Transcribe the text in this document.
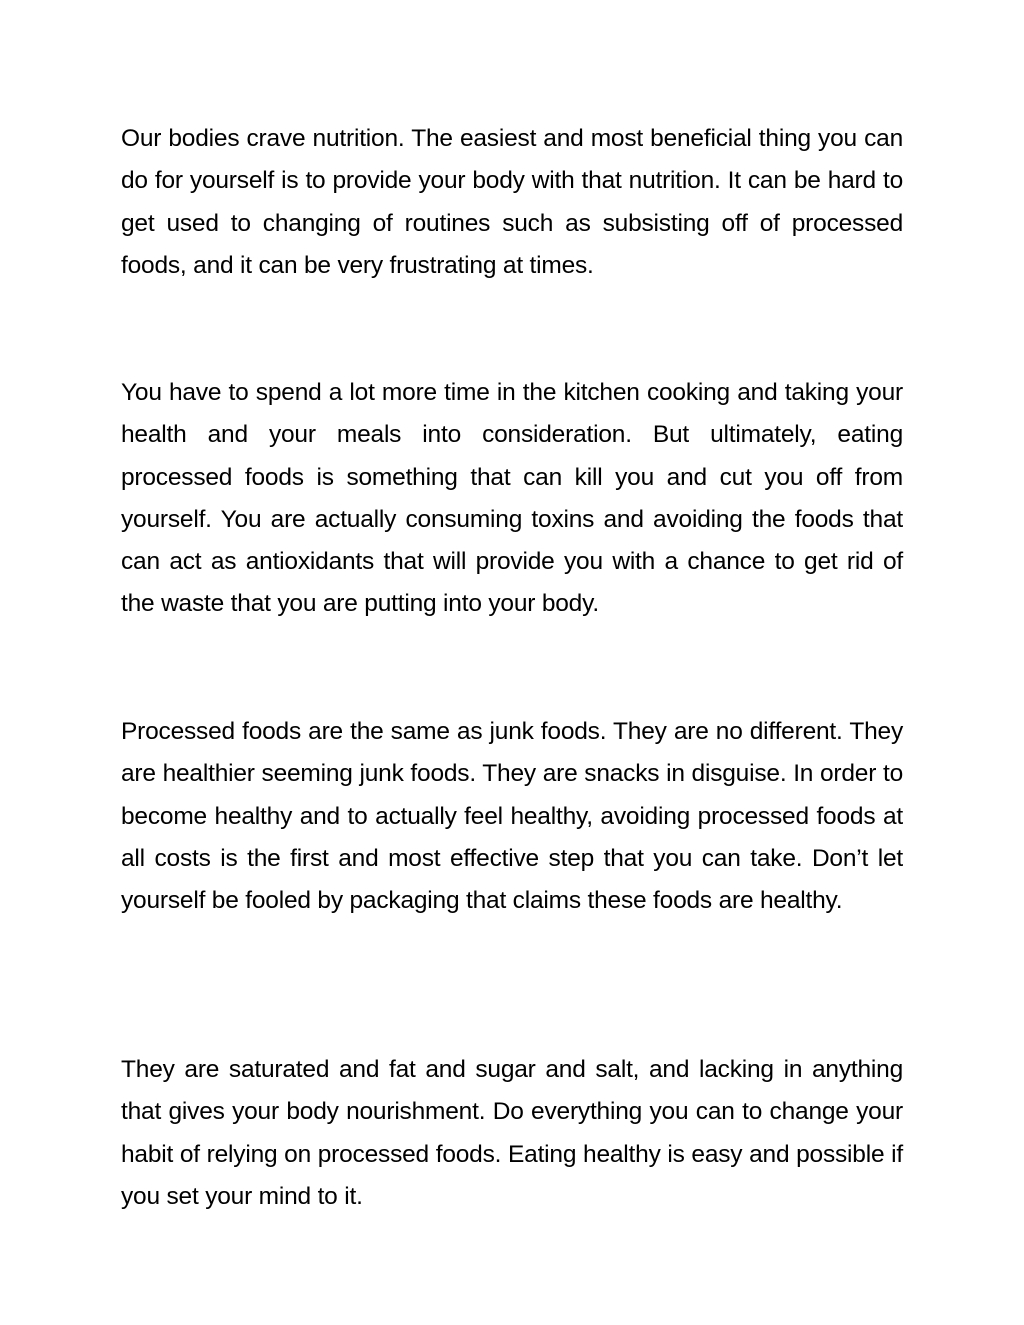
Our bodies crave nutrition. The easiest and most beneficial thing you can do for yourself is to provide your body with that nutrition. It can be hard to get used to changing of routines such as subsisting off of processed foods, and it can be very frustrating at times.

You have to spend a lot more time in the kitchen cooking and taking your health and your meals into consideration. But ultimately, eating processed foods is something that can kill you and cut you off from yourself. You are actually consuming toxins and avoiding the foods that can act as antioxidants that will provide you with a chance to get rid of the waste that you are putting into your body.

Processed foods are the same as junk foods. They are no different. They are healthier seeming junk foods. They are snacks in disguise. In order to become healthy and to actually feel healthy, avoiding processed foods at all costs is the first and most effective step that you can take. Don’t let yourself be fooled by packaging that claims these foods are healthy.

They are saturated and fat and sugar and salt, and lacking in anything that gives your body nourishment. Do everything you can to change your habit of relying on processed foods. Eating healthy is easy and possible if you set your mind to it.
